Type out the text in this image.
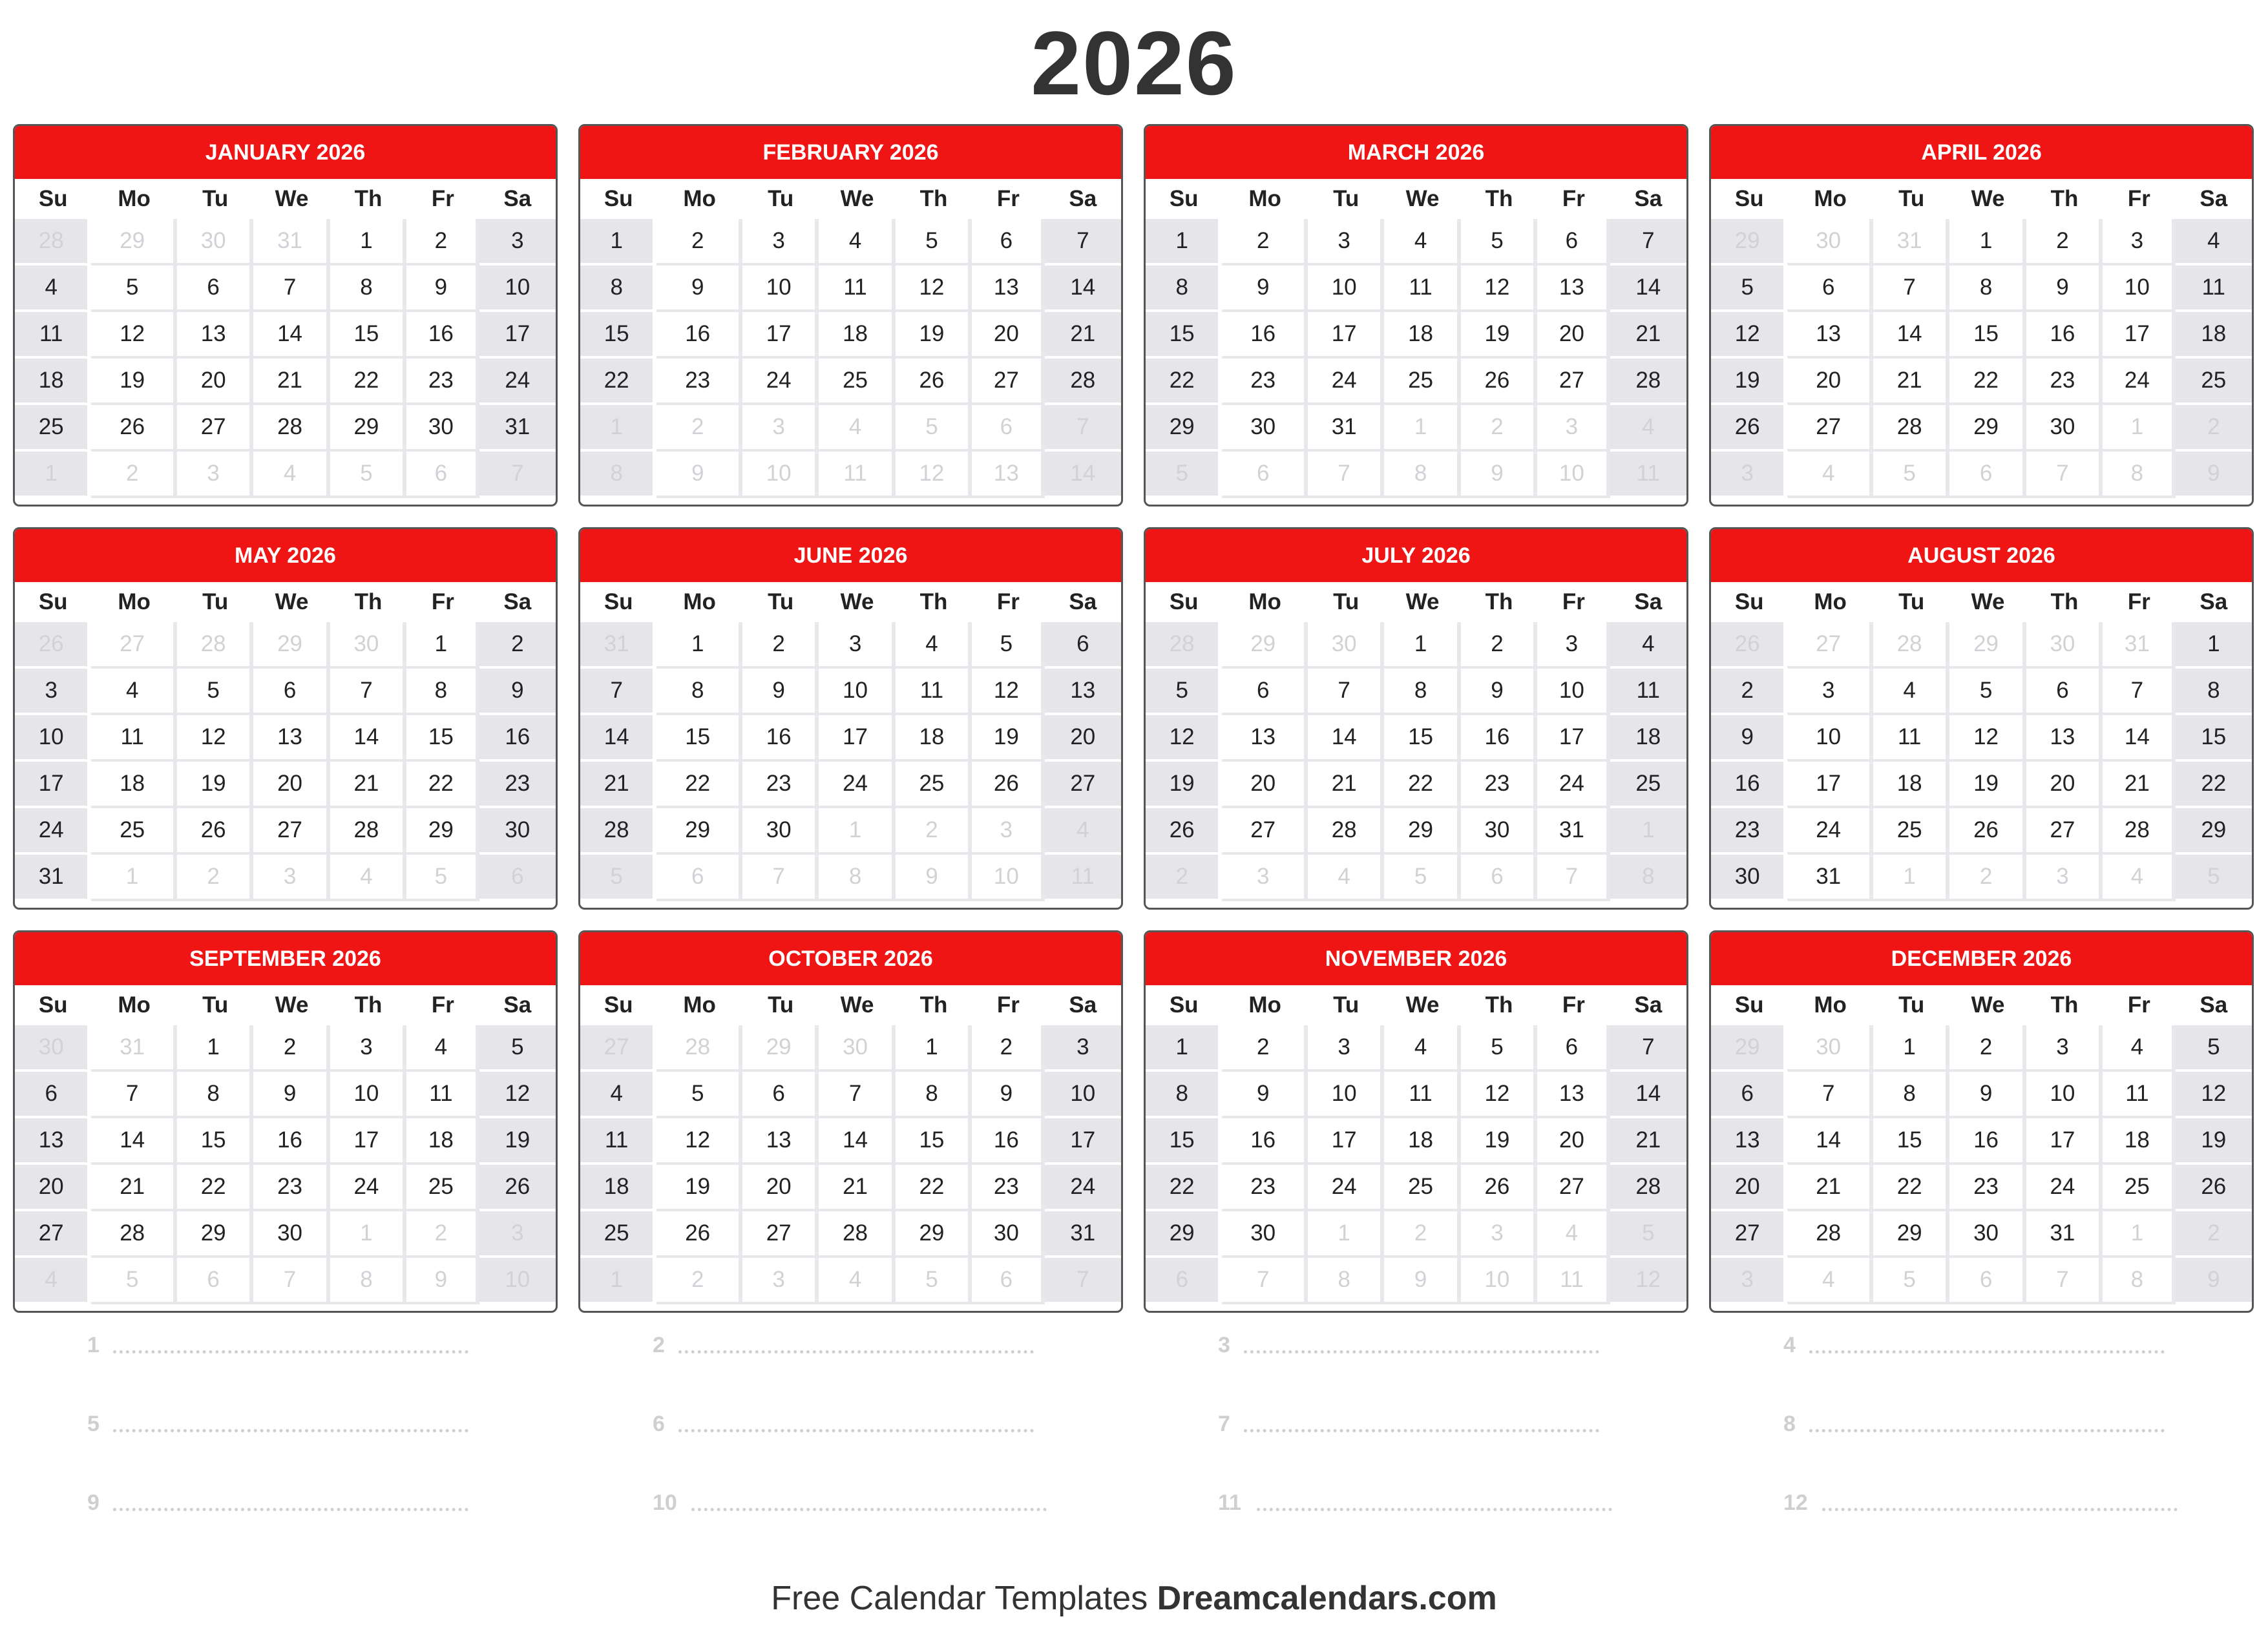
2026
JANUARY 2026
Su	Mo	Tu	We	Th	Fr	Sa
28	29	30	31	1	2	3
4	5	6	7	8	9	10
11	12	13	14	15	16	17
18	19	20	21	22	23	24
25	26	27	28	29	30	31
1	2	3	4	5	6	7
FEBRUARY 2026
Su	Mo	Tu	We	Th	Fr	Sa
1	2	3	4	5	6	7
8	9	10	11	12	13	14
15	16	17	18	19	20	21
22	23	24	25	26	27	28
1	2	3	4	5	6	7
8	9	10	11	12	13	14
MARCH 2026
Su	Mo	Tu	We	Th	Fr	Sa
1	2	3	4	5	6	7
8	9	10	11	12	13	14
15	16	17	18	19	20	21
22	23	24	25	26	27	28
29	30	31	1	2	3	4
5	6	7	8	9	10	11
APRIL 2026
Su	Mo	Tu	We	Th	Fr	Sa
29	30	31	1	2	3	4
5	6	7	8	9	10	11
12	13	14	15	16	17	18
19	20	21	22	23	24	25
26	27	28	29	30	1	2
3	4	5	6	7	8	9
MAY 2026
Su	Mo	Tu	We	Th	Fr	Sa
26	27	28	29	30	1	2
3	4	5	6	7	8	9
10	11	12	13	14	15	16
17	18	19	20	21	22	23
24	25	26	27	28	29	30
31	1	2	3	4	5	6
JUNE 2026
Su	Mo	Tu	We	Th	Fr	Sa
31	1	2	3	4	5	6
7	8	9	10	11	12	13
14	15	16	17	18	19	20
21	22	23	24	25	26	27
28	29	30	1	2	3	4
5	6	7	8	9	10	11
JULY 2026
Su	Mo	Tu	We	Th	Fr	Sa
28	29	30	1	2	3	4
5	6	7	8	9	10	11
12	13	14	15	16	17	18
19	20	21	22	23	24	25
26	27	28	29	30	31	1
2	3	4	5	6	7	8
AUGUST 2026
Su	Mo	Tu	We	Th	Fr	Sa
26	27	28	29	30	31	1
2	3	4	5	6	7	8
9	10	11	12	13	14	15
16	17	18	19	20	21	22
23	24	25	26	27	28	29
30	31	1	2	3	4	5
SEPTEMBER 2026
Su	Mo	Tu	We	Th	Fr	Sa
30	31	1	2	3	4	5
6	7	8	9	10	11	12
13	14	15	16	17	18	19
20	21	22	23	24	25	26
27	28	29	30	1	2	3
4	5	6	7	8	9	10
OCTOBER 2026
Su	Mo	Tu	We	Th	Fr	Sa
27	28	29	30	1	2	3
4	5	6	7	8	9	10
11	12	13	14	15	16	17
18	19	20	21	22	23	24
25	26	27	28	29	30	31
1	2	3	4	5	6	7
NOVEMBER 2026
Su	Mo	Tu	We	Th	Fr	Sa
1	2	3	4	5	6	7
8	9	10	11	12	13	14
15	16	17	18	19	20	21
22	23	24	25	26	27	28
29	30	1	2	3	4	5
6	7	8	9	10	11	12
DECEMBER 2026
Su	Mo	Tu	We	Th	Fr	Sa
29	30	1	2	3	4	5
6	7	8	9	10	11	12
13	14	15	16	17	18	19
20	21	22	23	24	25	26
27	28	29	30	31	1	2
3	4	5	6	7	8	9
1	2	3	4
5	6	7	8
9	10	11	12
Free Calendar Templates Dreamcalendars.com
